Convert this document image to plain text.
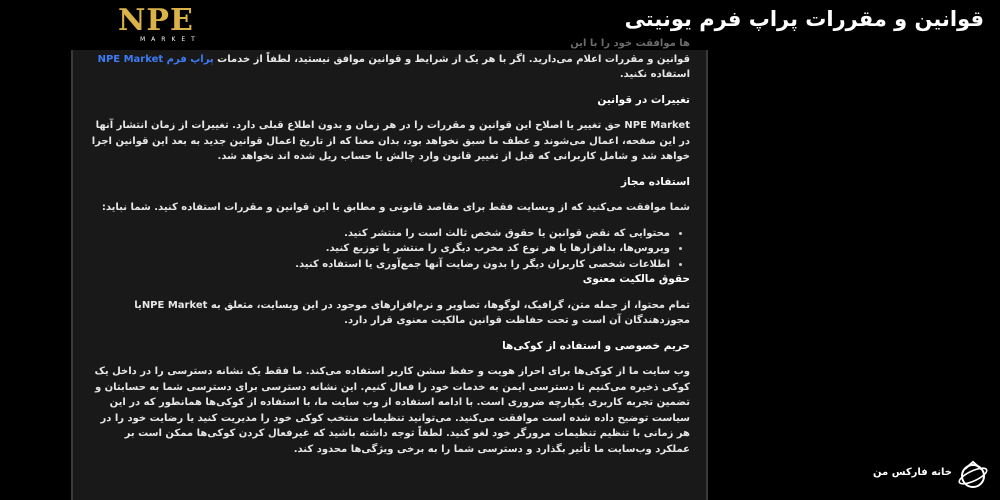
NPE
MARKET
قوانین و مقررات پراپ فرم یونیتی

ها موافقت خود را با این

قوانین و مقررات اعلام می‌دارید. اگر با هر یک از شرایط و قوانین موافق نیستید، لطفاً از خدمات پراپ فرم NPE Market استفاده نکنید.

تغییرات در قوانین

NPE Market حق تغییر یا اصلاح این قوانین و مقررات را در هر زمان و بدون اطلاع قبلی دارد. تغییرات از زمان انتشار آنها در این صفحه، اعمال می‌شوند و عطف ما سبق نخواهد بود، بدان معنا که از تاریخ اعمال قوانین جدید به بعد این قوانین اجرا خواهد شد و شامل کاربرانی که قبل از تغییر قانون وارد چالش یا حساب ریل شده اند نخواهد شد.

استفاده مجاز

شما موافقت می‌کنید که از وبسایت فقط برای مقاصد قانونی و مطابق با این قوانین و مقررات استفاده کنید. شما نباید:

• محتوایی که نقض قوانین یا حقوق شخص ثالث است را منتشر کنید.
• ویروس‌ها، بدافزارها یا هر نوع کد مخرب دیگری را منتشر یا توزیع کنید.
• اطلاعات شخصی کاربران دیگر را بدون رضایت آنها جمع‌آوری یا استفاده کنید.
حقوق مالکیت معنوی

تمام محتوا، از جمله متن، گرافیک، لوگوها، تصاویر و نرم‌افزارهای موجود در این وبسایت، متعلق به NPE Marketیا مجوزدهندگان آن است و تحت حفاظت قوانین مالکیت معنوی قرار دارد.

حریم خصوصی و استفاده از کوکی‌ها

وب سایت ما از کوکی‌ها برای احراز هویت و حفظ سشن کاربر استفاده می‌کند. ما فقط یک نشانه دسترسی را در داخل یک کوکی ذخیره می‌کنیم تا دسترسی ایمن به خدمات خود را فعال کنیم. این نشانه دسترسی برای دسترسی شما به حسابتان و تضمین تجربه کاربری یکپارچه ضروری است. با ادامه استفاده از وب سایت ما، با استفاده از کوکی‌ها همانطور که در این سیاست توضیح داده شده است موافقت می‌کنید. می‌توانید تنظیمات منتخب کوکی خود را مدیریت کنید یا رضایت خود را در هر زمانی با تنظیم تنظیمات مرورگر خود لغو کنید. لطفاً توجه داشته باشید که غیرفعال کردن کوکی‌ها ممکن است بر عملکرد وب‌سایت ما تأثیر بگذارد و دسترسی شما را به برخی ویژگی‌ها محدود کند.

خانه فارکس من
